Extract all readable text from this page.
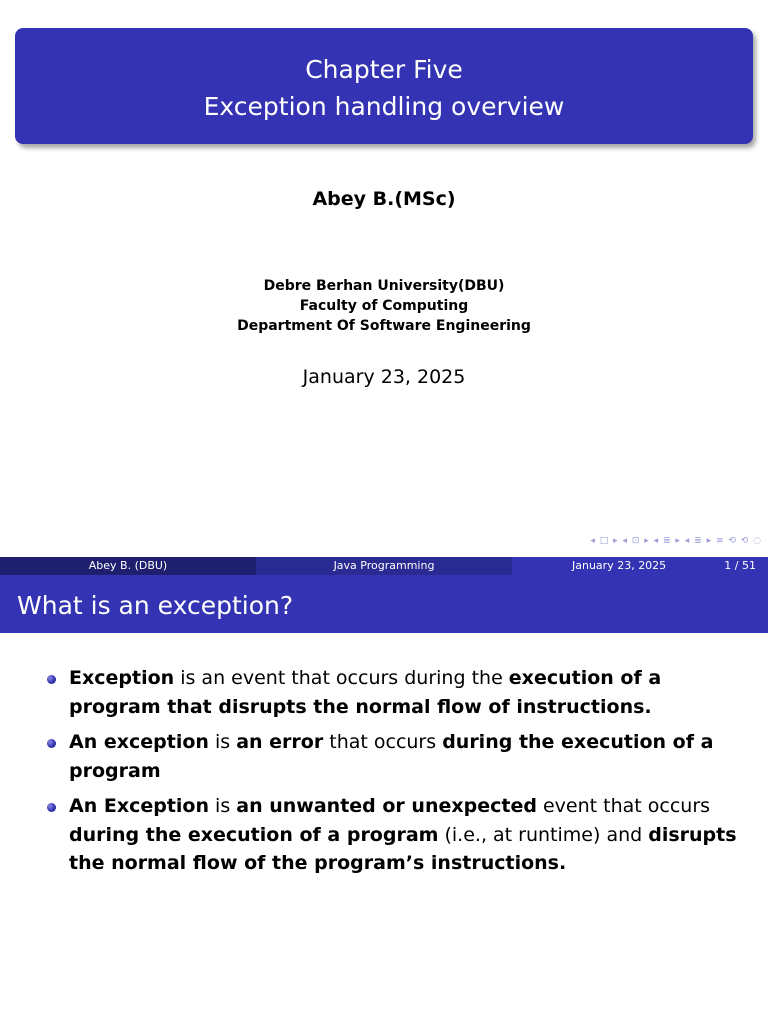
Chapter Five
Exception handling overview
Abey B.(MSc)
Debre Berhan University(DBU)
Faculty of Computing
Department Of Software Engineering
January 23, 2025
◂ □ ▸ ◂ ⊡ ▸ ◂ ≣ ▸ ◂ ≣ ▸ ≡ ⟲ ⟲ ◌
Abey B. (DBU)	Java Programming	January 23, 2025	1 / 51
What is an exception?
Exception is an event that occurs during the execution of a program that disrupts the normal flow of instructions.
An exception is an error that occurs during the execution of a program
An Exception is an unwanted or unexpected event that occurs during the execution of a program (i.e., at runtime) and disrupts the normal flow of the program’s instructions.
